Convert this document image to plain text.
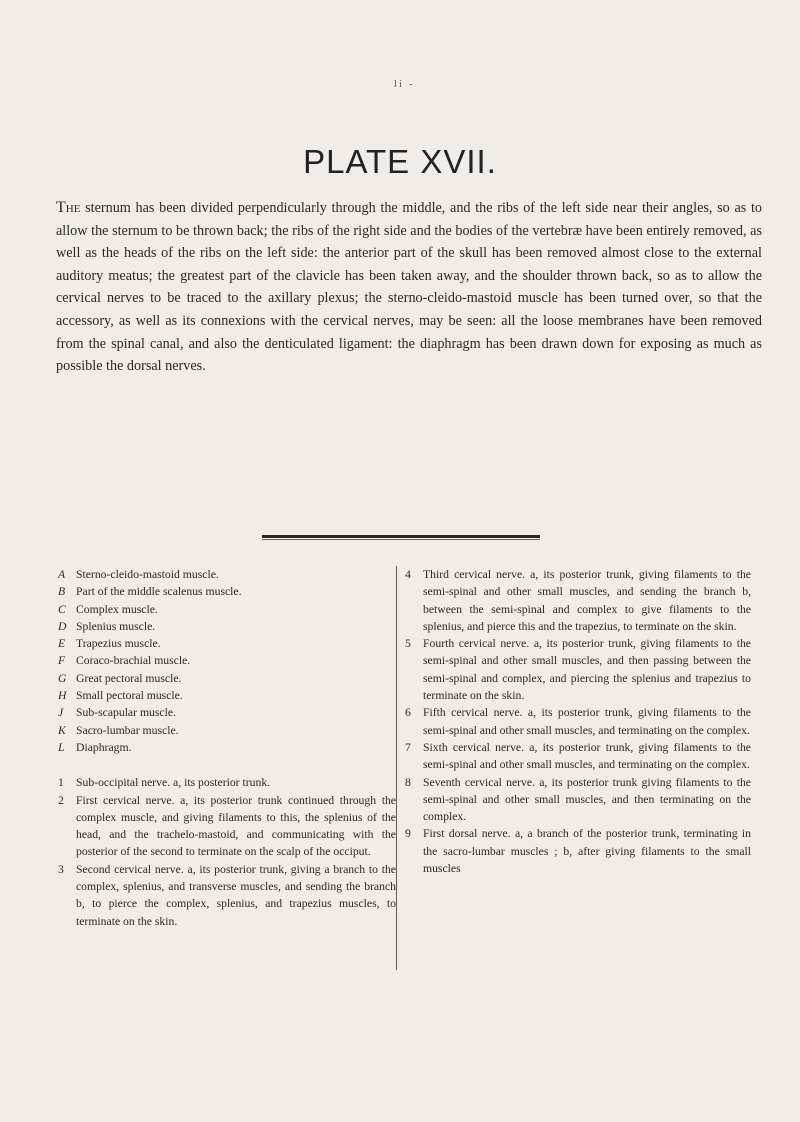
li -
PLATE XVII.

The sternum has been divided perpendicularly through the middle, and the ribs of the left side near their angles, so as to allow the sternum to be thrown back; the ribs of the right side and the bodies of the vertebræ have been entirely removed, as well as the heads of the ribs on the left side: the anterior part of the skull has been removed almost close to the external auditory meatus; the greatest part of the clavicle has been taken away, and the shoulder thrown back, so as to allow the cervical nerves to be traced to the axillary plexus; the sterno-cleido-mastoid muscle has been turned over, so that the accessory, as well as its connexions with the cervical nerves, may be seen: all the loose membranes have been removed from the spinal canal, and also the denticulated ligament: the diaphragm has been drawn down for exposing as much as possible the dorsal nerves.

A Sterno-cleido-mastoid muscle.
B Part of the middle scalenus muscle.
C Complex muscle.
D Splenius muscle.
E Trapezius muscle.
F Coraco-brachial muscle.
G Great pectoral muscle.
H Small pectoral muscle.
J	Sub-scapular muscle.
K Sacro-lumbar muscle.
L Diaphragm.
1	Sub-occipital nerve. a, its posterior trunk.
2	First cervical nerve. a, its posterior trunk continued through the complex muscle, and giving filaments to this, the splenius of the head, and the trachelo-mastoid, and communicating with the posterior of the second to terminate on the scalp of the occiput.
3	Second cervical nerve. a, its posterior trunk, giving a branch to the complex, splenius, and transverse muscles, and sending the branch b, to pierce the complex, splenius, and trapezius muscles, to terminate on the skin.
4	Third cervical nerve. a, its posterior trunk, giving filaments to the semi-spinal and other small muscles, and sending the branch b, between the semi-spinal and complex to give filaments to the splenius, and pierce this and the trapezius, to terminate on the skin.
5	Fourth cervical nerve. a, its posterior trunk, giving filaments to the semi-spinal and other small muscles, and then passing between the semi-spinal and complex, and piercing the splenius and trapezius to terminate on the skin.
6	Fifth cervical nerve. a, its posterior trunk, giving filaments to the semi-spinal and other small muscles, and terminating on the complex.
7	Sixth cervical nerve. a, its posterior trunk, giving filaments to the semi-spinal and other small muscles, and terminating on the complex.
8	Seventh cervical nerve. a, its posterior trunk giving filaments to the semi-spinal and other small muscles, and then terminating on the complex.
9	First dorsal nerve. a, a branch of the posterior trunk, terminating in the sacro-lumbar muscles ; b, after giving filaments to the small muscles
